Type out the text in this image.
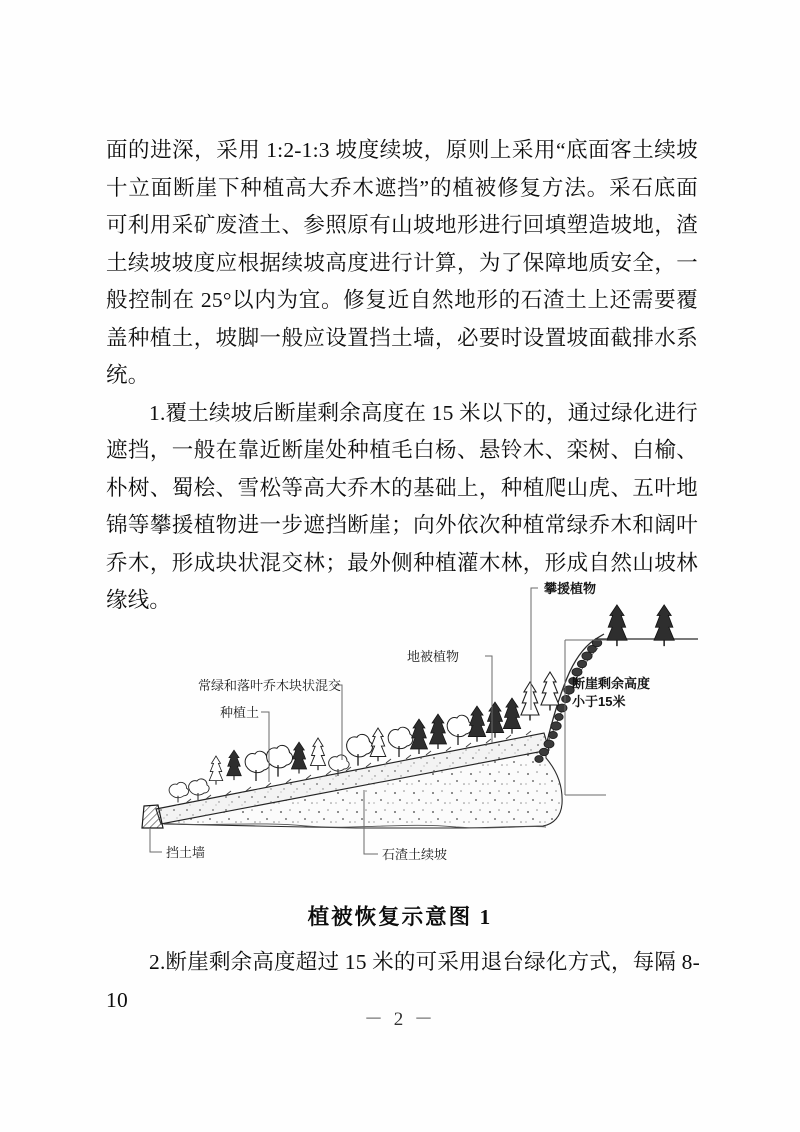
面的进深，采用 1:2-1:3 坡度续坡，原则上采用“底面客土续坡十立面断崖下种植高大乔木遮挡”的植被修复方法。采石底面可利用采矿废渣土、参照原有山坡地形进行回填塑造坡地，渣土续坡坡度应根据续坡高度进行计算，为了保障地质安全，一般控制在 25°以内为宜。修复近自然地形的石渣土上还需要覆盖种植土，坡脚一般应设置挡土墙，必要时设置坡面截排水系统。

1.覆土续坡后断崖剩余高度在 15 米以下的，通过绿化进行遮挡，一般在靠近断崖处种植毛白杨、悬铃木、栾树、白榆、朴树、蜀桧、雪松等高大乔木的基础上，种植爬山虎、五叶地锦等攀援植物进一步遮挡断崖；向外依次种植常绿乔木和阔叶乔木，形成块状混交林；最外侧种植灌木林，形成自然山坡林缘线。	攀援植物
地被植物
常绿和落叶乔木块状混交
种植土
断崖剩余高度
小于15米
挡土墙	石渣土续坡
植被恢复示意图 1

2.断崖剩余高度超过 15 米的可采用退台绿化方式，每隔 8-10

－ 2 －
